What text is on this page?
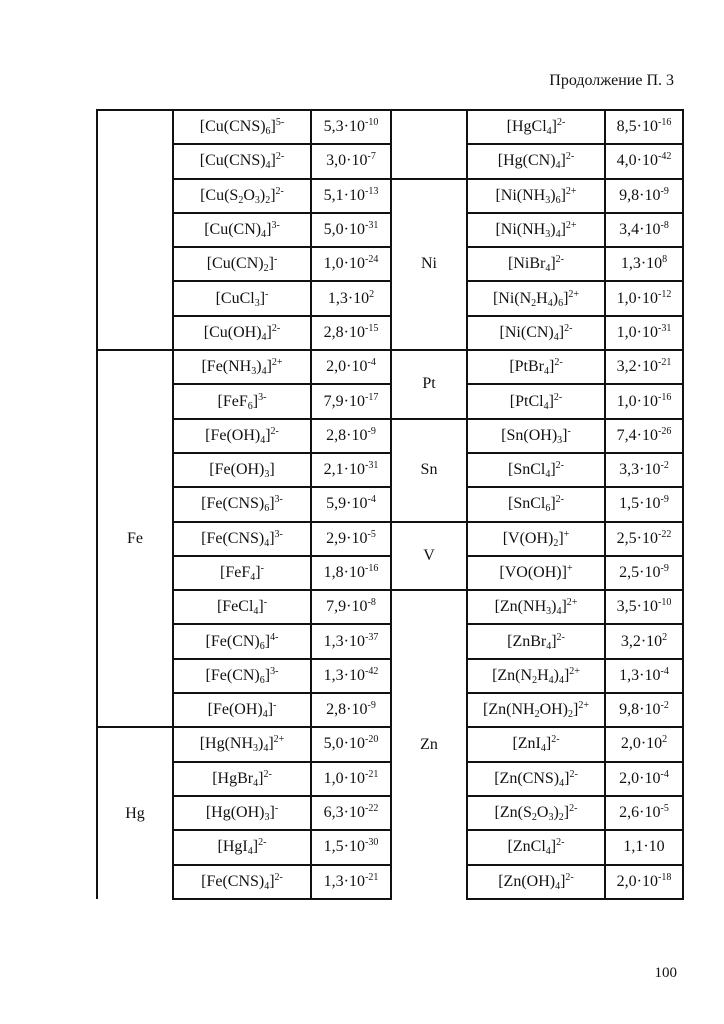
Продолжение П. 3
	$[Cu(CNS)_6]^{5-}$	$5,3\cdot 10^{-10}$		[HgCl$_4$]$^{2-}$	$8,5\cdot 10^{-16}$
	$[Cu(CNS)_4]^{2-}$	$3,0\cdot 10^{-7}$		$[Hg(CN)_4]^{2-}$	$4,0\cdot 10^{-42}$
	$[Cu(S_2O_3)_2]^{2-}$	$5,1\cdot 10^{-13}$	Ni	$[Ni(NH_3)_6]^{2+}$	$9,8\cdot 10^{-9}$
	$[Cu(CN)_4]^{3-}$	$5,0\cdot 10^{-31}$		$[Ni(NH_3)_4]^{2+}$	$3,4\cdot 10^{-8}$
	$[Cu(CN)_2]^-$	$1,0\cdot 10^{-24}$		[NiBr$_4$]$^{2-}$	$1,3\cdot 10^8$
	[CuCl$_3$]-	$1,3\cdot 10^2$		$[Ni(N_2H_4)_6]^{2+}$	$1,0\cdot 10^{-12}$
	$[Cu(OH)_4]^{2-}$	$2,8\cdot 10^{-15}$		$[Ni(CN)_4]^{2-}$	$1,0\cdot 10^{-31}$
Fe	$[Fe(NH_3)_4]^{2+}$	$2,0\cdot 10^{-4}$	Pt	[PtBr$_4$]$^{2-}$	$3,2\cdot 10^{-21}$
	$[FeF_6]^{3-}$	$7,9\cdot 10^{-17}$		[PtCl$_4$]$^{2-}$	$1,0\cdot 10^{-16}$
	$[Fe(OH)_4]^{2-}$	$2,8\cdot 10^{-9}$	Sn	$[Sn(OH)_3]^-$	$7,4\cdot 10^{-26}$
	$[Fe(OH)_3]$	$2,1\cdot 10^{-31}$		[SnCl$_4$]$^{2-}$	$3,3\cdot 10^{-2}$
	$[Fe(CNS)_6]^{3-}$	$5,9\cdot 10^{-4}$		[SnCl$_6$]$^{2-}$	$1,5\cdot 10^{-9}$
	$[Fe(CNS)_4]^{3-}$	$2,9\cdot 10^{-5}$	V	$[V(OH)_2]^+$	$2,5\cdot 10^{-22}$
	[FeF$_4$]-	$1,8\cdot 10^{-16}$		[VO(OH)]+	$2,5\cdot 10^{-9}$
	[FeCl$_4$]-	$7,9\cdot 10^{-8}$	Zn	$[Zn(NH_3)_4]^{2+}$	$3,5\cdot 10^{-10}$
	$[Fe(CN)_6]^{4-}$	$1,3\cdot 10^{-37}$		[ZnBr$_4$]$^{2-}$	$3,2\cdot 10^2$
	$[Fe(CN)_6]^{3-}$	$1,3\cdot 10^{-42}$		$[Zn(N_2H_4)_4]^{2+}$	$1,3\cdot 10^{-4}$
	$[Fe(OH)_4]^-$	$2,8\cdot 10^{-9}$		$[Zn(NH_2OH)_2]^{2+}$	$9,8\cdot 10^{-2}$
Hg	$[Hg(NH_3)_4]^{2+}$	$5,0\cdot 10^{-20}$		$[ZnI_4]^{2-}$	$2,0\cdot 10^2$
	[HgBr$_4$]$^{2-}$	$1,0\cdot 10^{-21}$		$[Zn(CNS)_4]^{2-}$	$2,0\cdot 10^{-4}$
	$[Hg(OH)_3]^-$	$6,3\cdot 10^{-22}$		$[Zn(S_2O_3)_2]^{2-}$	$2,6\cdot 10^{-5}$
	$[HgI_4]^{2-}$	$1,5\cdot 10^{-30}$		[ZnCl$_4$]$^{2-}$	1,1·10
	$[Fe(CNS)_4]^{2-}$	$1,3\cdot 10^{-21}$		$[Zn(OH)_4]^{2-}$	$2,0\cdot 10^{-18}$
100
